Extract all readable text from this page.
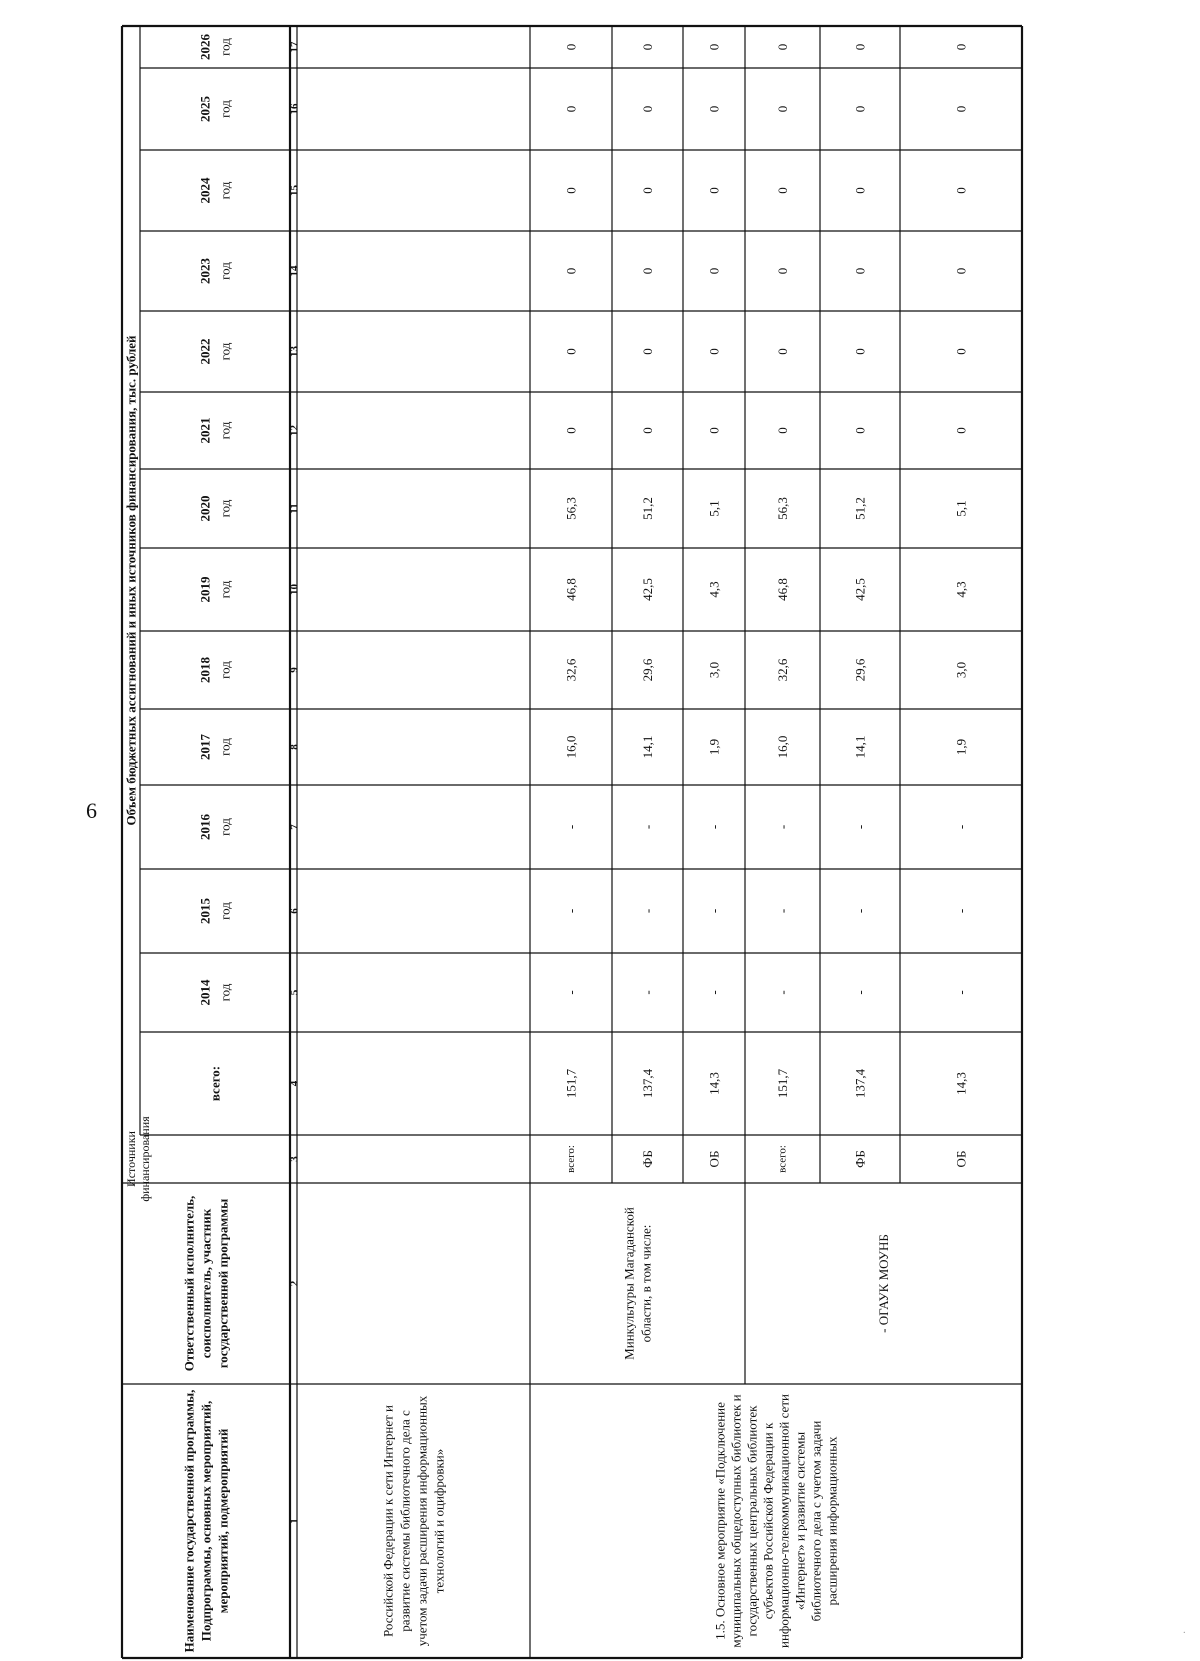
6
Наименование государственной программы, Подпрограммы, основных мероприятий, мероприятий, подмероприятий
Ответственный исполнитель, соисполнитель, участник государственной программы
Источникифинансирования
Объем бюджетных ассигнований и иных источников финансирования, тыс. рублей
всего:
2014 год
2015 год
2016 год
2017 год
2018 год
2019 год
2020 год
2021 год
2022 год
2023 год
2024 год
2025 год
2026 год
1
2
3
4
5
6
7
8
9
10
11
12
13
14
15
16
17
Российской Федерации к сети Интернет и развитие системы библиотечного дела с учетом задачи расширения информационных технологий и оцифровки»	1.5. Основное мероприятие «Подключениемуниципальных общедоступных библиотек игосударственных центральных библиотексубъектов Российской Федерации кинформационно-телекоммуникационной сети«Интернет» и развитие системыбиблиотечного дела с учетом задачирасширения информационных
Минкультуры Магаданской области, в том числе:
всего:
151,7
-
-
-
16,0
32,6
46,8
56,3
0
0
0
0
0
0
ФБ
137,4
-
-
-
14,1
29,6
42,5
51,2
0
0
0
0
0
0
ОБ
14,3
-
-
-
1,9
3,0
4,3
5,1
0
0
0
0
0
0
- ОГАУК МОУНБ
всего:
151,7
-
-
-
16,0
32,6
46,8
56,3
0
0
0
0
0
0
ФБ
137,4
-
-
-
14,1
29,6
42,5
51,2
0
0
0
0
0
0
ОБ
14,3
-
-
-
1,9
3,0
4,3
5,1
0
0
0
0
0
0
·
